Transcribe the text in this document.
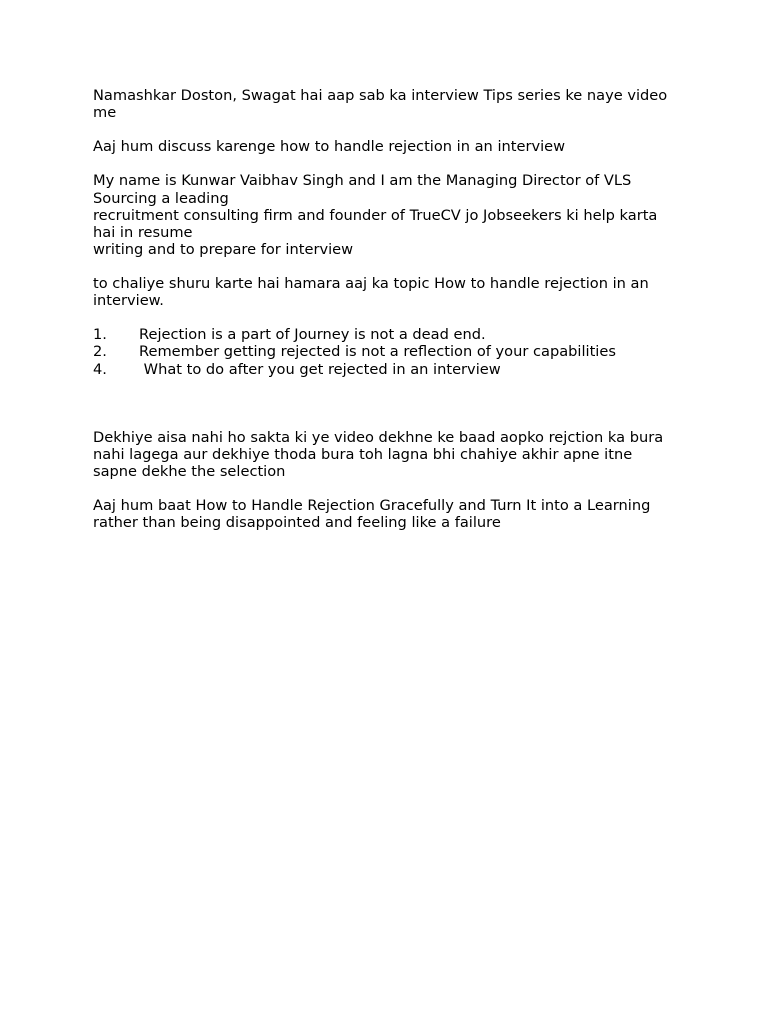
Namashkar Doston, Swagat hai aap sab ka interview Tips series ke naye video me

Aaj hum discuss karenge how to handle rejection in an interview

My name is Kunwar Vaibhav Singh and I am the Managing Director of VLS Sourcing a leading
recruitment consulting firm and founder of TrueCV jo Jobseekers ki help karta hai in resume
writing and to prepare for interview

to chaliye shuru karte hai hamara aaj ka topic How to handle rejection in an interview.

1.	Rejection is a part of Journey is not a dead end.
2.	Remember getting rejected is not a reflection of your capabilities
4.	What to do after you get rejected in an interview

Dekhiye aisa nahi ho sakta ki ye video dekhne ke baad aopko rejction ka bura nahi lagega aur dekhiye thoda bura toh lagna bhi chahiye akhir apne itne sapne dekhe the selection

Aaj hum baat How to Handle Rejection Gracefully and Turn It into a Learning rather than being disappointed and feeling like a failure
